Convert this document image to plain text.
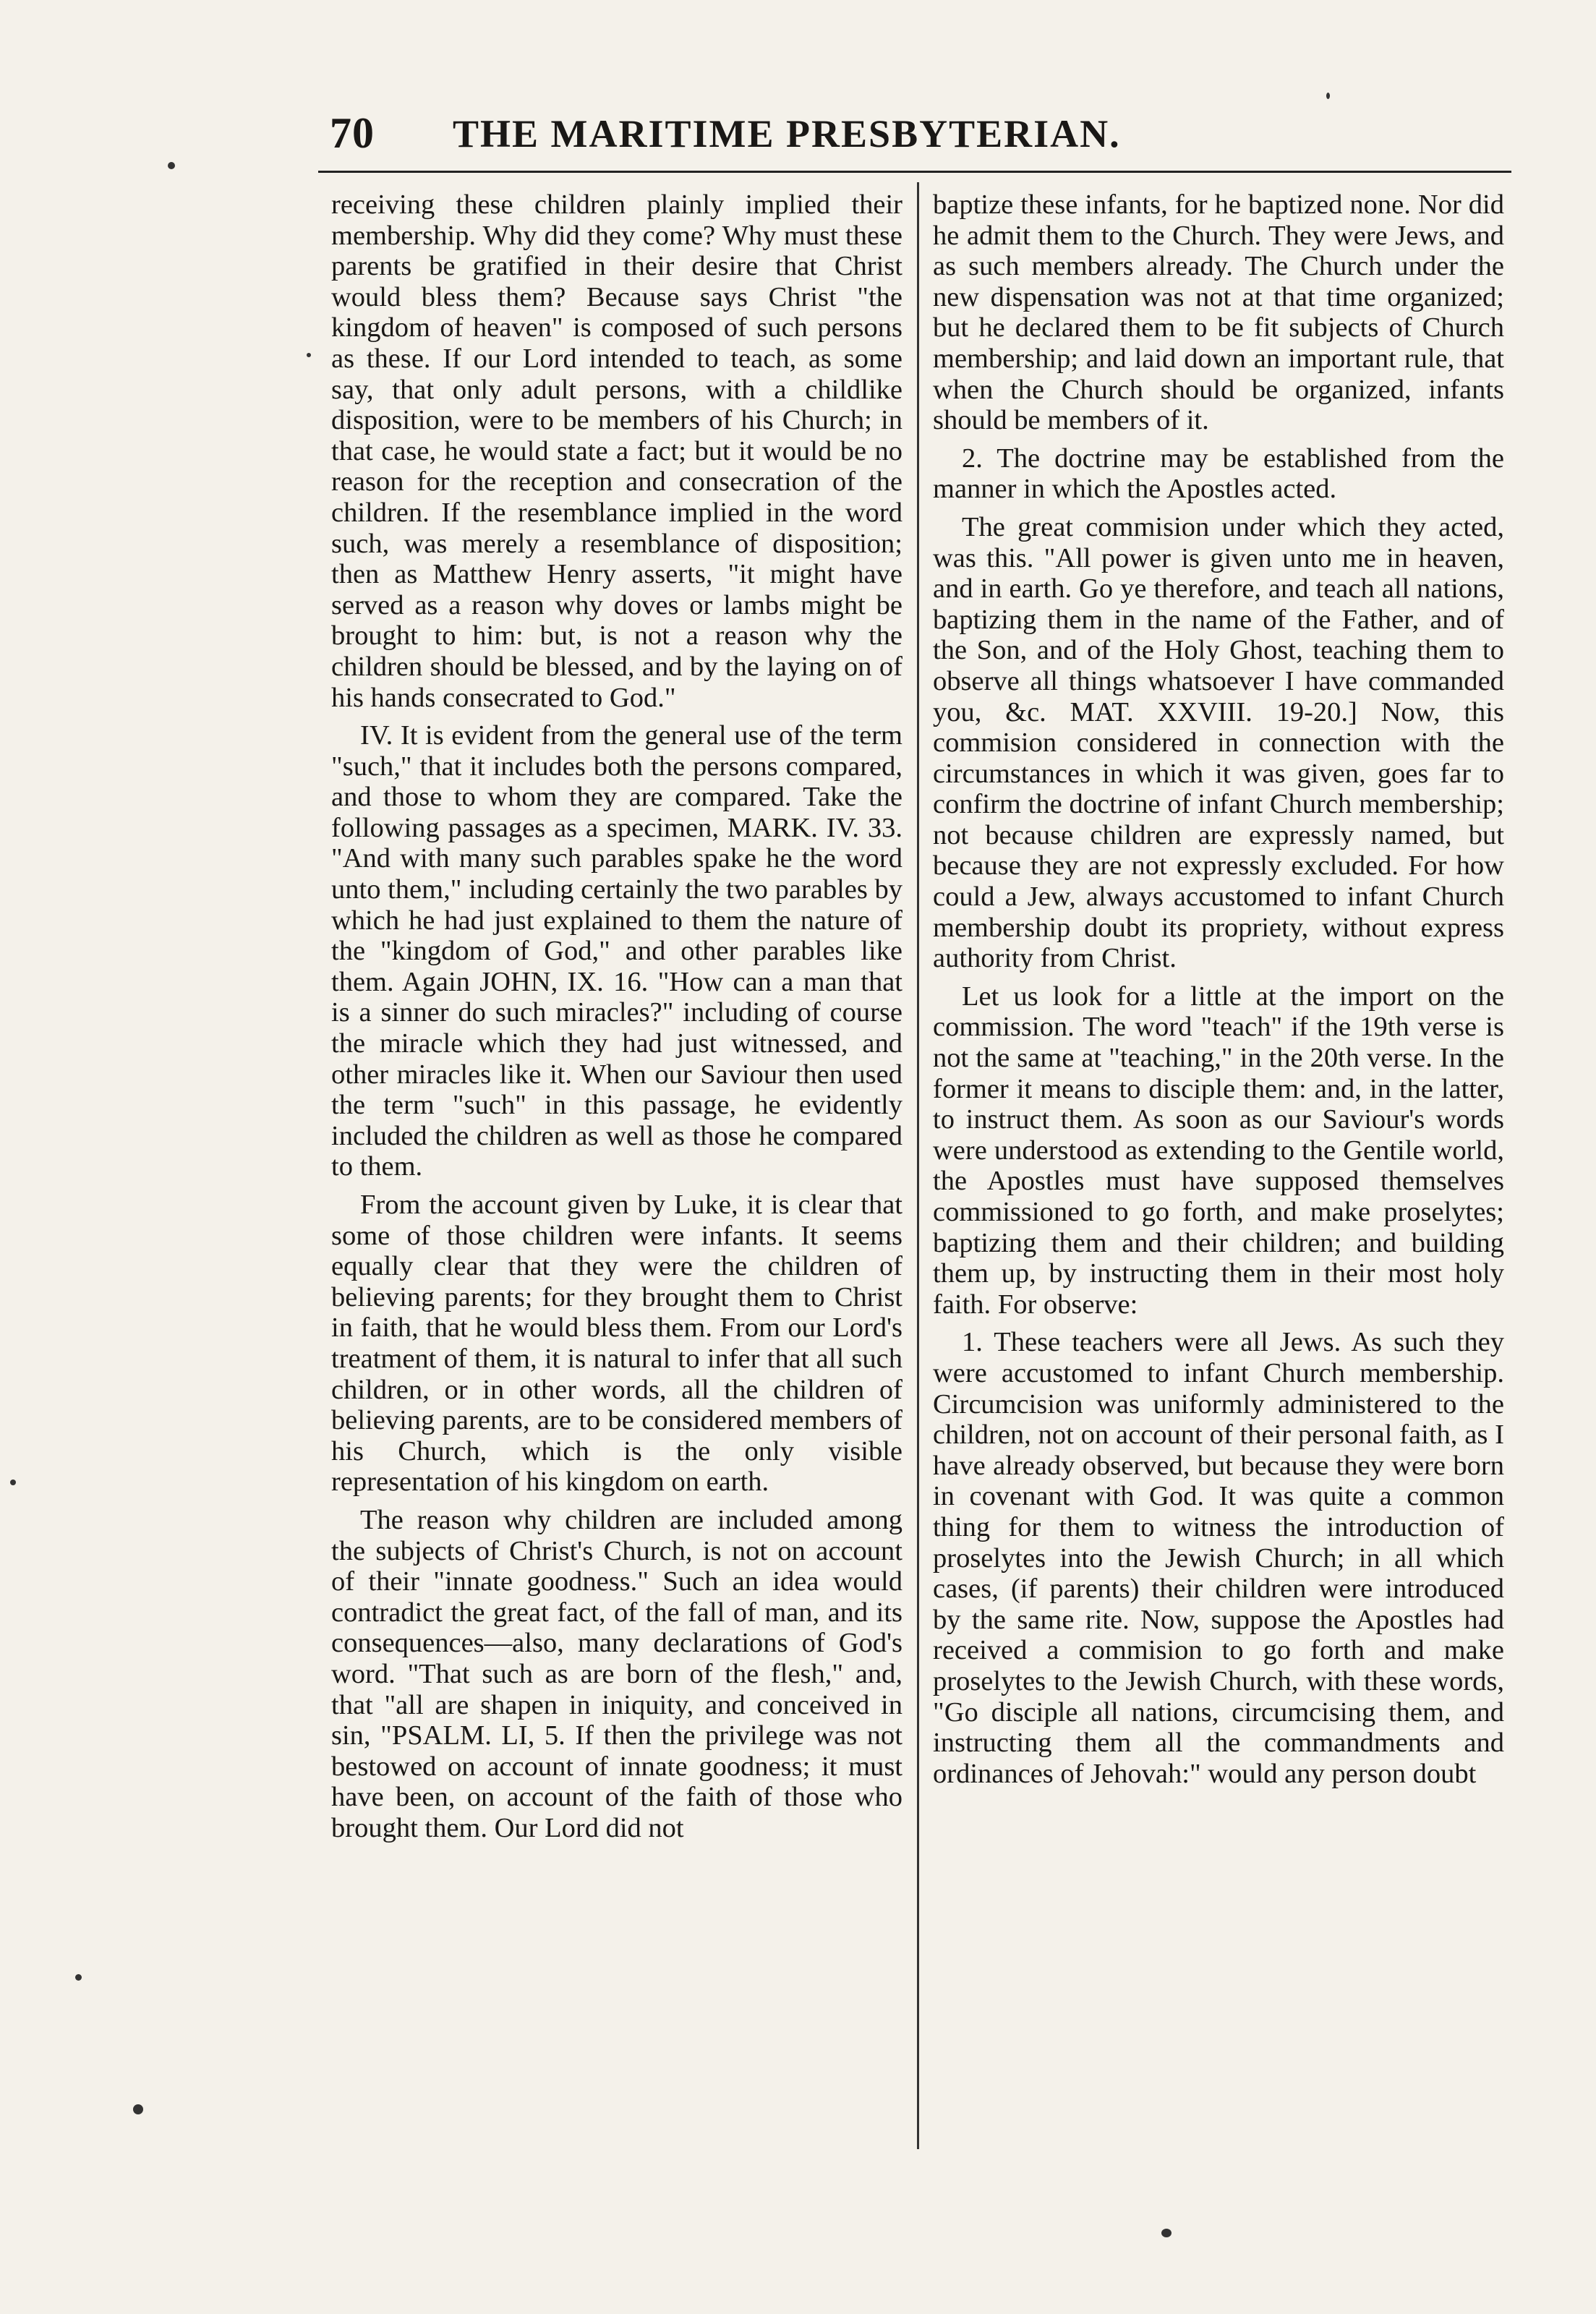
70 THE MARITIME PRESBYTERIAN.

receiving these children plainly implied their membership. Why did they come? Why must these parents be gratified in their desire that Christ would bless them? Because says Christ "the kingdom of heaven" is composed of such persons as these. If our Lord intended to teach, as some say, that only adult persons, with a childlike disposition, were to be members of his Church; in that case, he would state a fact; but it would be no reason for the reception and consecration of the children. If the resemblance implied in the word such, was merely a resemblance of disposition; then as Matthew Henry asserts, "it might have served as a reason why doves or lambs might be brought to him: but, is not a reason why the children should be blessed, and by the laying on of his hands consecrated to God."

IV. It is evident from the general use of the term "such," that it includes both the persons compared, and those to whom they are compared. Take the following passages as a specimen, MARK. IV. 33. "And with many such parables spake he the word unto them," including certainly the two parables by which he had just explained to them the nature of the "kingdom of God," and other parables like them. Again JOHN, IX. 16. "How can a man that is a sinner do such miracles?" including of course the miracle which they had just witnessed, and other miracles like it. When our Saviour then used the term "such" in this passage, he evidently included the children as well as those he compared to them.

From the account given by Luke, it is clear that some of those children were infants. It seems equally clear that they were the children of believing parents; for they brought them to Christ in faith, that he would bless them. From our Lord's treatment of them, it is natural to infer that all such children, or in other words, all the children of believing parents, are to be considered members of his Church, which is the only visible representation of his kingdom on earth.

The reason why children are included among the subjects of Christ's Church, is not on account of their "innate goodness." Such an idea would contradict the great fact, of the fall of man, and its consequences—also, many declarations of God's word. "That such as are born of the flesh," and, that "all are shapen in iniquity, and conceived in sin, "PSALM. LI, 5. If then the privilege was not bestowed on account of innate goodness; it must have been, on account of the faith of those who brought them. Our Lord did not

baptize these infants, for he baptized none. Nor did he admit them to the Church. They were Jews, and as such members already. The Church under the new dispensation was not at that time organized; but he declared them to be fit subjects of Church membership; and laid down an important rule, that when the Church should be organized, infants should be members of it.

2. The doctrine may be established from the manner in which the Apostles acted.

The great commision under which they acted, was this. "All power is given unto me in heaven, and in earth. Go ye therefore, and teach all nations, baptizing them in the name of the Father, and of the Son, and of the Holy Ghost, teaching them to observe all things whatsoever I have commanded you, &c. MAT. XXVIII. 19-20.] Now, this commision considered in connection with the circumstances in which it was given, goes far to confirm the doctrine of infant Church membership; not because children are expressly named, but because they are not expressly excluded. For how could a Jew, always accustomed to infant Church membership doubt its propriety, without express authority from Christ.

Let us look for a little at the import on the commission. The word "teach" if the 19th verse is not the same at "teaching," in the 20th verse. In the former it means to disciple them: and, in the latter, to instruct them. As soon as our Saviour's words were understood as extending to the Gentile world, the Apostles must have supposed themselves commissioned to go forth, and make proselytes; baptizing them and their children; and building them up, by instructing them in their most holy faith. For observe:

1. These teachers were all Jews. As such they were accustomed to infant Church membership. Circumcision was uniformly administered to the children, not on account of their personal faith, as I have already observed, but because they were born in covenant with God. It was quite a common thing for them to witness the introduction of proselytes into the Jewish Church; in all which cases, (if parents) their children were introduced by the same rite. Now, suppose the Apostles had received a commision to go forth and make proselytes to the Jewish Church, with these words, "Go disciple all nations, circumcising them, and instructing them all the commandments and ordinances of Jehovah:" would any person doubt
